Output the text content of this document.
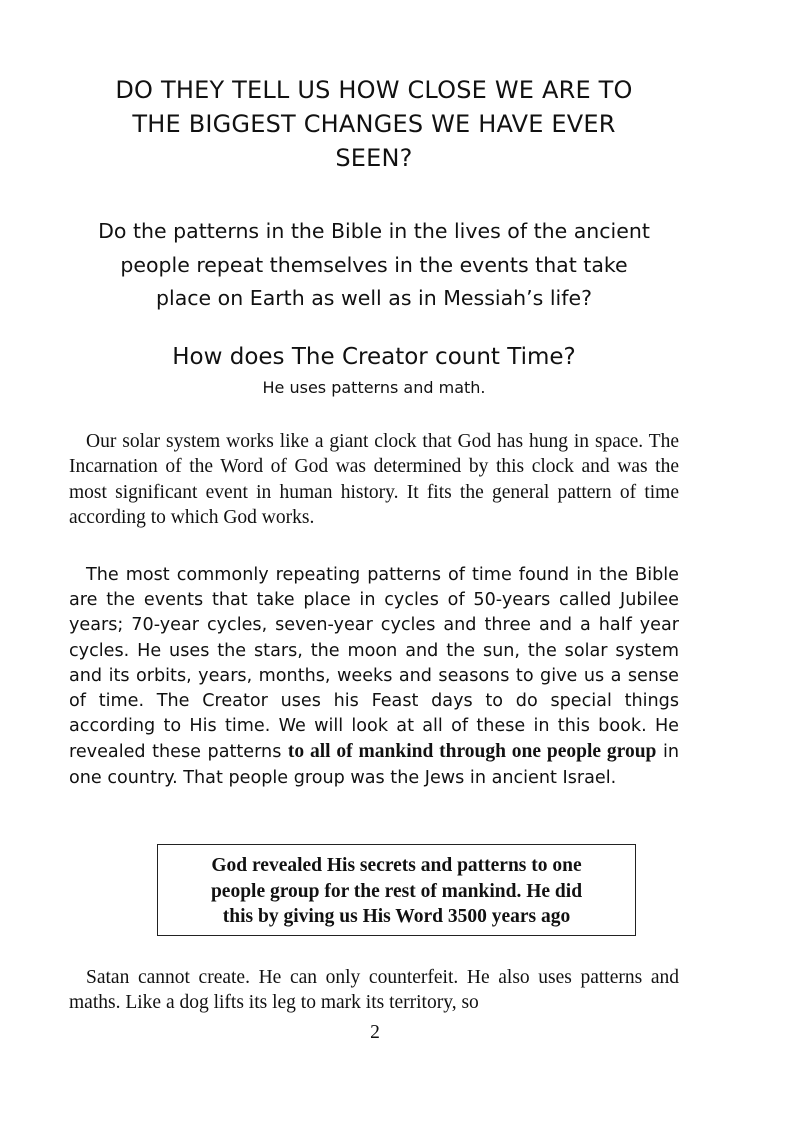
DO THEY TELL US HOW CLOSE WE ARE TO
THE BIGGEST CHANGES WE HAVE EVER
SEEN?
Do the patterns in the Bible in the lives of the ancient
people repeat themselves in the events that take
place on Earth as well as in Messiah’s life?
How does The Creator count Time?
He uses patterns and math.

Our solar system works like a giant clock that God has hung in space. The Incarnation of the Word of God was determined by this clock and was the most significant event in human history. It fits the general pattern of time according to which God works.

The most commonly repeating patterns of time found in the Bible are the events that take place in cycles of 50-years called Jubilee years; 70-year cycles, seven-year cycles and three and a half year cycles. He uses the stars, the moon and the sun, the solar system and its orbits, years, months, weeks and seasons to give us a sense of time. The Creator uses his Feast days to do special things according to His time. We will look at all of these in this book. He revealed these patterns to all of mankind through one people group in one country. That people group was the Jews in ancient Israel.

God revealed His secrets and patterns to one
people group for the rest of mankind. He did
this by giving us His Word 3500 years ago

Satan cannot create. He can only counterfeit. He also uses patterns and maths. Like a dog lifts its leg to mark its territory, so

2
